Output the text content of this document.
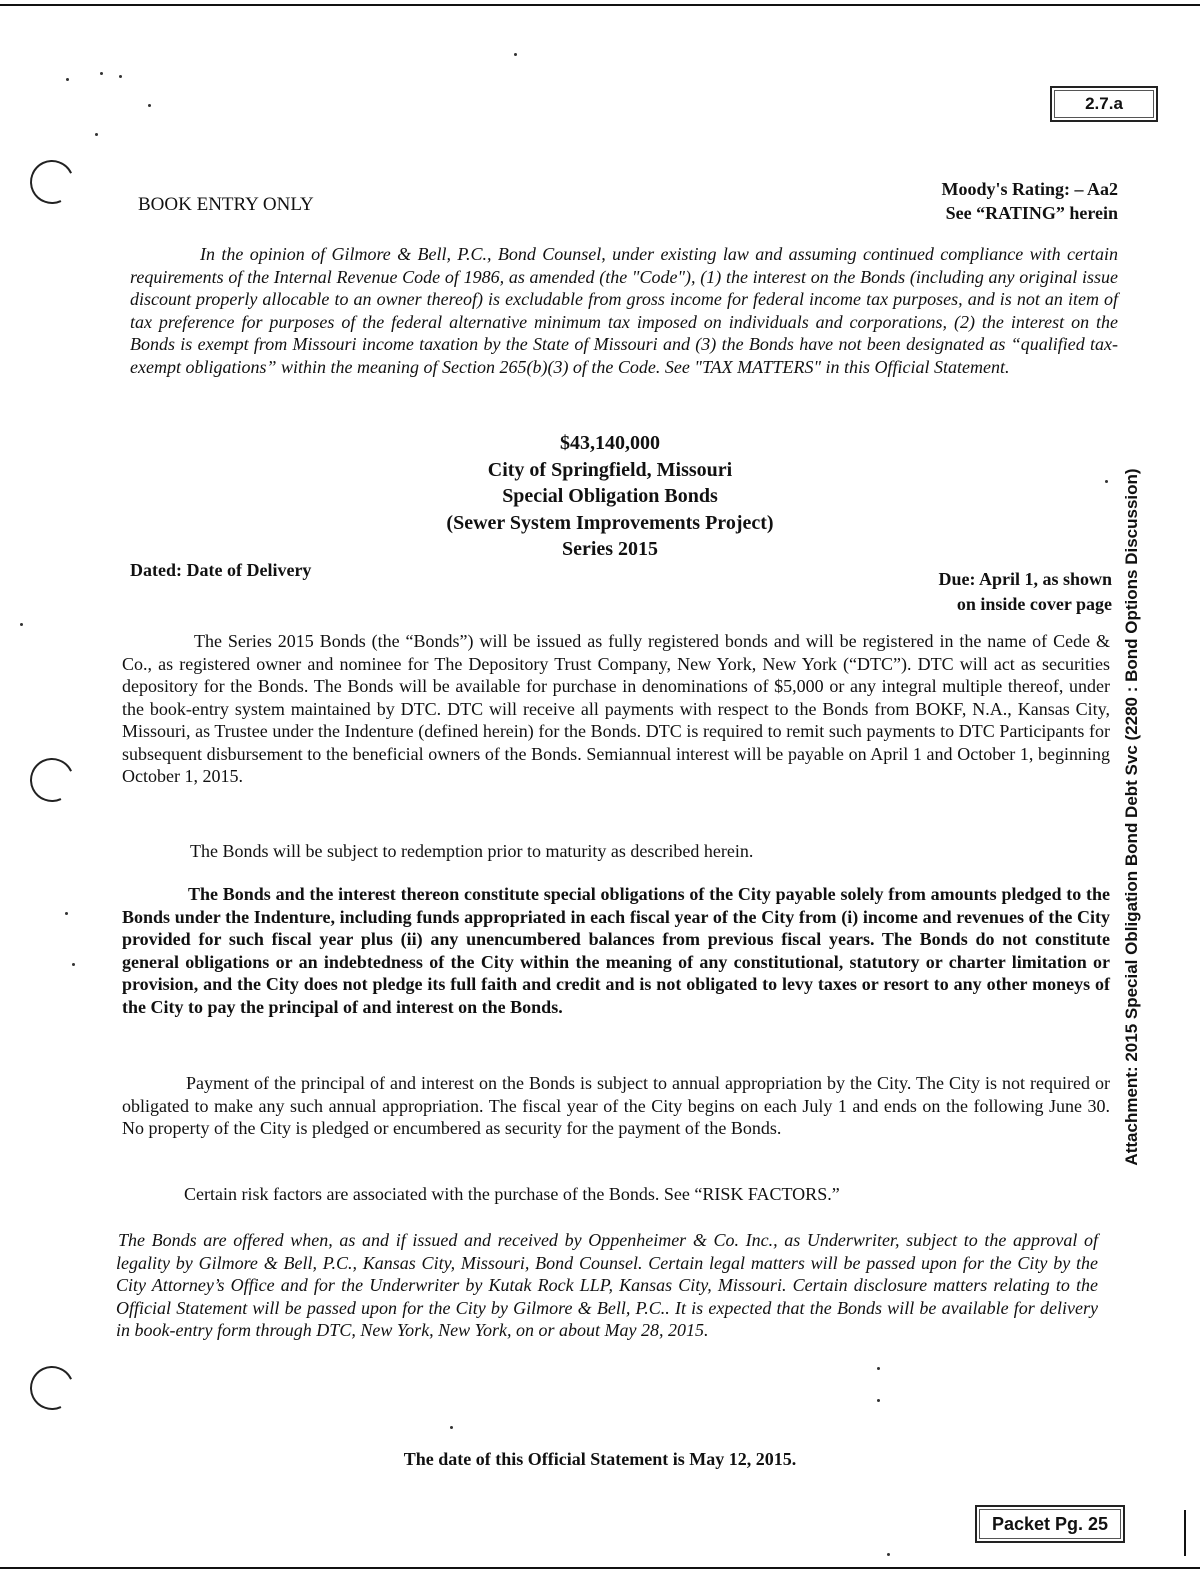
2.7.a
BOOK ENTRY ONLY
Moody's Rating: – Aa2
See “RATING” herein
In the opinion of Gilmore & Bell, P.C., Bond Counsel, under existing law and assuming continued compliance with certain requirements of the Internal Revenue Code of 1986, as amended (the "Code"), (1) the interest on the Bonds (including any original issue discount properly allocable to an owner thereof) is excludable from gross income for federal income tax purposes, and is not an item of tax preference for purposes of the federal alternative minimum tax imposed on individuals and corporations, (2) the interest on the Bonds is exempt from Missouri income taxation by the State of Missouri and (3) the Bonds have not been designated as “qualified tax-exempt obligations” within the meaning of Section 265(b)(3) of the Code. See "TAX MATTERS" in this Official Statement.
$43,140,000
City of Springfield, Missouri
Special Obligation Bonds
(Sewer System Improvements Project)
Series 2015
Dated: Date of Delivery	Due: April 1, as shown
on inside cover page
The Series 2015 Bonds (the “Bonds”) will be issued as fully registered bonds and will be registered in the name of Cede & Co., as registered owner and nominee for The Depository Trust Company, New York, New York (“DTC”). DTC will act as securities depository for the Bonds. The Bonds will be available for purchase in denominations of $5,000 or any integral multiple thereof, under the book-entry system maintained by DTC. DTC will receive all payments with respect to the Bonds from BOKF, N.A., Kansas City, Missouri, as Trustee under the Indenture (defined herein) for the Bonds. DTC is required to remit such payments to DTC Participants for subsequent disbursement to the beneficial owners of the Bonds. Semiannual interest will be payable on April 1 and October 1, beginning October 1, 2015.
The Bonds will be subject to redemption prior to maturity as described herein.
The Bonds and the interest thereon constitute special obligations of the City payable solely from amounts pledged to the Bonds under the Indenture, including funds appropriated in each fiscal year of the City from (i) income and revenues of the City provided for such fiscal year plus (ii) any unencumbered balances from previous fiscal years. The Bonds do not constitute general obligations or an indebtedness of the City within the meaning of any constitutional, statutory or charter limitation or provision, and the City does not pledge its full faith and credit and is not obligated to levy taxes or resort to any other moneys of the City to pay the principal of and interest on the Bonds.
Payment of the principal of and interest on the Bonds is subject to annual appropriation by the City. The City is not required or obligated to make any such annual appropriation. The fiscal year of the City begins on each July 1 and ends on the following June 30. No property of the City is pledged or encumbered as security for the payment of the Bonds.
Certain risk factors are associated with the purchase of the Bonds. See “RISK FACTORS.”
The Bonds are offered when, as and if issued and received by Oppenheimer & Co. Inc., as Underwriter, subject to the approval of legality by Gilmore & Bell, P.C., Kansas City, Missouri, Bond Counsel. Certain legal matters will be passed upon for the City by the City Attorney’s Office and for the Underwriter by Kutak Rock LLP, Kansas City, Missouri. Certain disclosure matters relating to the Official Statement will be passed upon for the City by Gilmore & Bell, P.C.. It is expected that the Bonds will be available for delivery in book-entry form through DTC, New York, New York, on or about May 28, 2015.
The date of this Official Statement is May 12, 2015.
Attachment: 2015 Special Obligation Bond Debt Svc (2280 : Bond Options Discussion)
Packet Pg. 25
